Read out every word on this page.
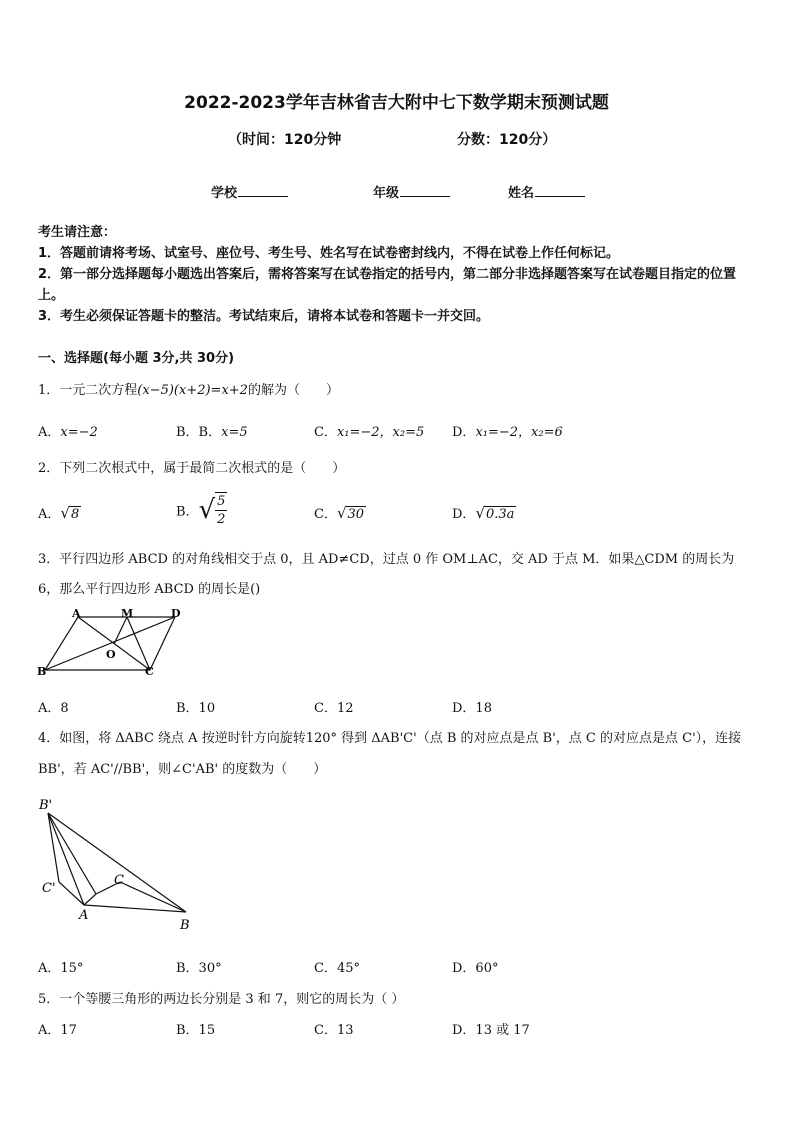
2022-2023学年吉林省吉大附中七下数学期末预测试题
（时间：120分钟	分数：120分）
学校	年级	姓名
考生请注意：
1．答题前请将考场、试室号、座位号、考生号、姓名写在试卷密封线内，不得在试卷上作任何标记。
2．第一部分选择题每小题选出答案后，需将答案写在试卷指定的括号内，第二部分非选择题答案写在试卷题目指定的位置上。
3．考生必须保证答题卡的整洁。考试结束后，请将本试卷和答题卡一并交回。
一、选择题(每小题 3分,共 30分)
1．一元二次方程(x−5)(x+2)=x+2的解为（　　）
A．x=−2	B．B．x=5	C．x₁=−2，x₂=5 D．x₁=−2，x₂=6
2．下列二次根式中，属于最简二次根式的是（　　）
A．√8	B．√ $\frac{5}{2}$	C．√30	D．√0.3a
3．平行四边形 ABCD 的对角线相交于点 0，且 AD≠CD，过点 0 作 OM⊥AC，交 AD 于点 M．如果△CDM 的周长为 6，那么平行四边形 ABCD 的周长是()
A	M	D
O
B	C
A．8	B．10	C．12	D．18
4．如图，将 ΔABC 绕点 A 按逆时针方向旋转120° 得到 ΔAB'C'（点 B 的对应点是点 B'，点 C 的对应点是点 C'），连接 BB'，若 AC'//BB'，则∠C'AB' 的度数为（　　）
B'
C'
C
A
B
A．15°	B．30°	C．45°	D．60°
5．一个等腰三角形的两边长分别是 3 和 7，则它的周长为（ ）
A．17	B．15	C．13	D．13 或 17
